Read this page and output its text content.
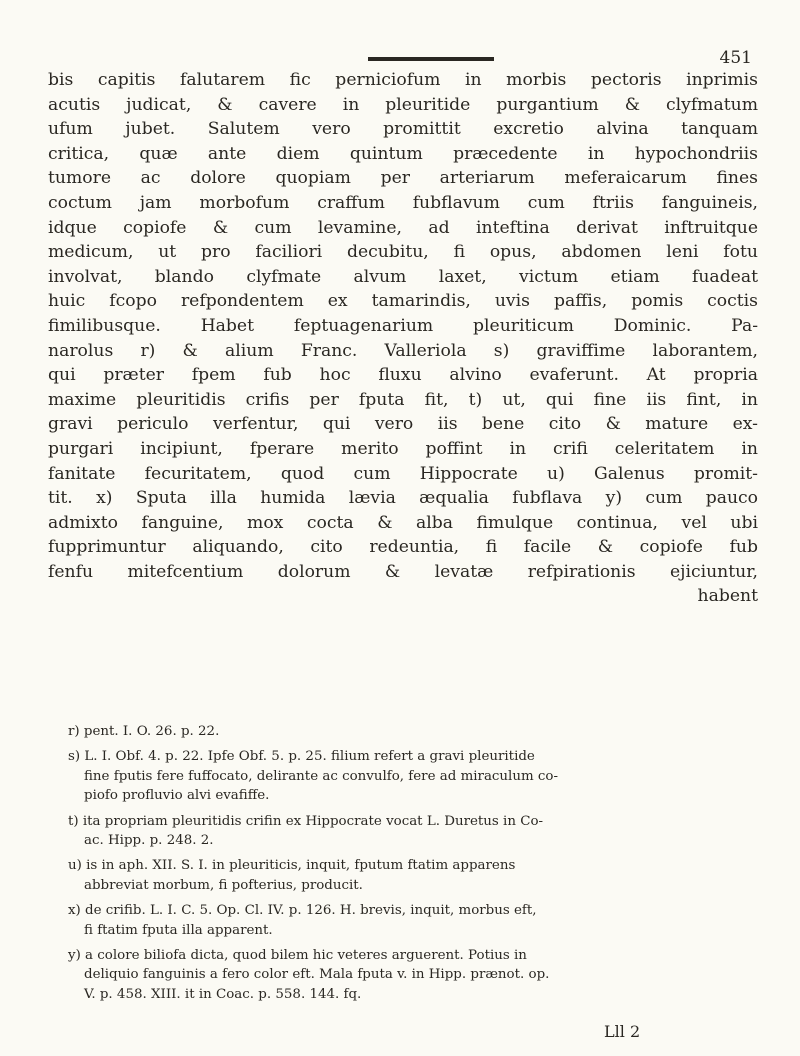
451
bis capitis falutarem fic perniciofum in morbis pectoris inprimis
acutis judicat, & cavere in pleuritide purgantium & clyfmatum
ufum jubet. Salutem vero promittit excretio alvina tanquam
critica, quæ ante diem quintum præcedente in hypochondriis
tumore ac dolore quopiam per arteriarum meferaicarum fines
coctum jam morbofum craffum fubflavum cum ftriis fanguineis,
idque copiofe & cum levamine, ad inteftina derivat inftruitque
medicum, ut pro faciliori decubitu, fi opus, abdomen leni fotu
involvat, blando clyfmate alvum laxet, victum etiam fuadeat
huic fcopo refpondentem ex tamarindis, uvis paffis, pomis coctis
fimilibusque. Habet feptuagenarium pleuriticum Dominic. Pa-
narolus r) & alium Franc. Valleriola s) graviffime laborantem,
qui præter fpem fub hoc fluxu alvino evaferunt. At propria
maxime pleuritidis crifis per fputa fit, t) ut, qui fine iis fint, in
gravi periculo verfentur, qui vero iis bene cito & mature ex-
purgari incipiunt, fperare merito poffint in crifi celeritatem in
fanitate fecuritatem, quod cum Hippocrate u) Galenus promit-
tit. x) Sputa illa humida lævia æqualia fubflava y) cum pauco
admixto fanguine, mox cocta & alba fimulque continua, vel ubi
fupprimuntur aliquando, cito redeuntia, fi facile & copiofe fub
fenfu mitefcentium dolorum & levatæ refpirationis ejiciuntur,
habent
r) pent. I. O. 26. p. 22.
s) L. I. Obf. 4. p. 22. Ipfe Obf. 5. p. 25. filium refert a gravi pleuritide
fine fputis fere fuffocato, delirante ac convulfo, fere ad miraculum co-
piofo profluvio alvi evafiffe.
t) ita propriam pleuritidis crifin ex Hippocrate vocat L. Duretus in Co-
ac. Hipp. p. 248. 2.
u) is in aph. XII. S. I. in pleuriticis, inquit, fputum ftatim apparens
abbreviat morbum, fi pofterius, producit.
x) de crifib. L. I. C. 5. Op. Cl. IV. p. 126. H. brevis, inquit, morbus eft,
fi ftatim fputa illa apparent.
y) a colore biliofa dicta, quod bilem hic veteres arguerent. Potius in
deliquio fanguinis a fero color eft. Mala fputa v. in Hipp. prænot. op.
V. p. 458. XIII. it in Coac. p. 558. 144. fq.
Lll 2
